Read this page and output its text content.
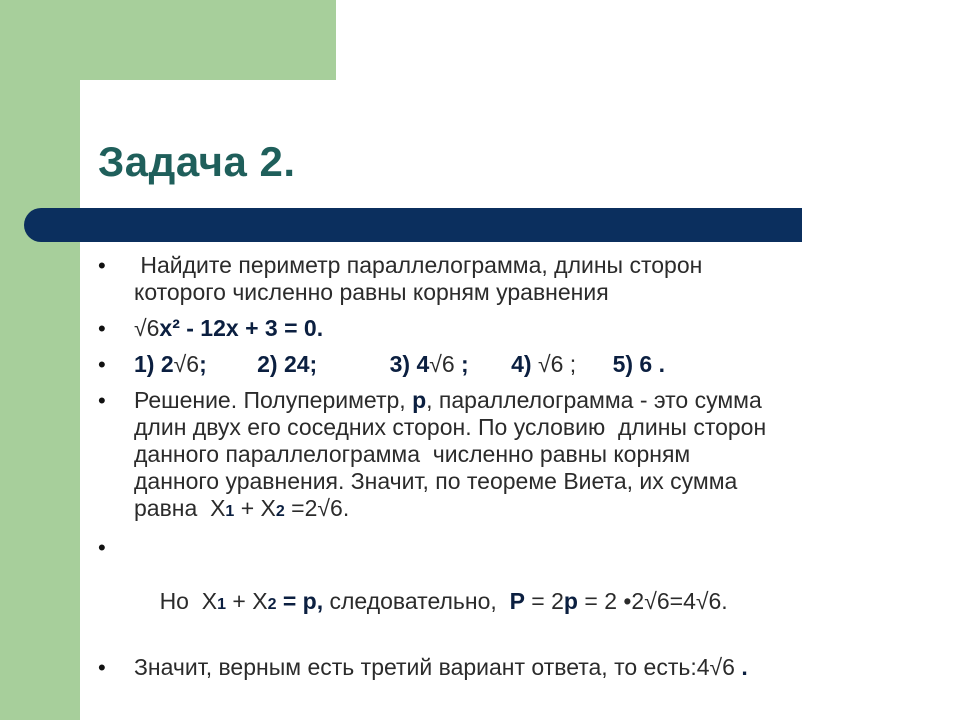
Задача 2.
• Найдите периметр параллелограмма, длины сторон
которого численно равны корням уравнения
• √6x² - 12x + 3 = 0.
• 1) 2√6; 2) 24;	3) 4√6 ; 4) √6 ; 5) 6 .
• Решение. Полупериметр, р, параллелограмма - это сумма
длин двух его соседних сторон. По условию  длины сторон
данного параллелограмма  численно равны корням
данного уравнения. Значит, по теореме Виета, их сумма
равна  Х1 + Х2 =2√6.

•

Но  Х1 + Х2 = р, следовательно,  Р = 2р = 2 •2√6=4√6.

• Значит, верным есть третий вариант ответа, то есть:4√6 .
